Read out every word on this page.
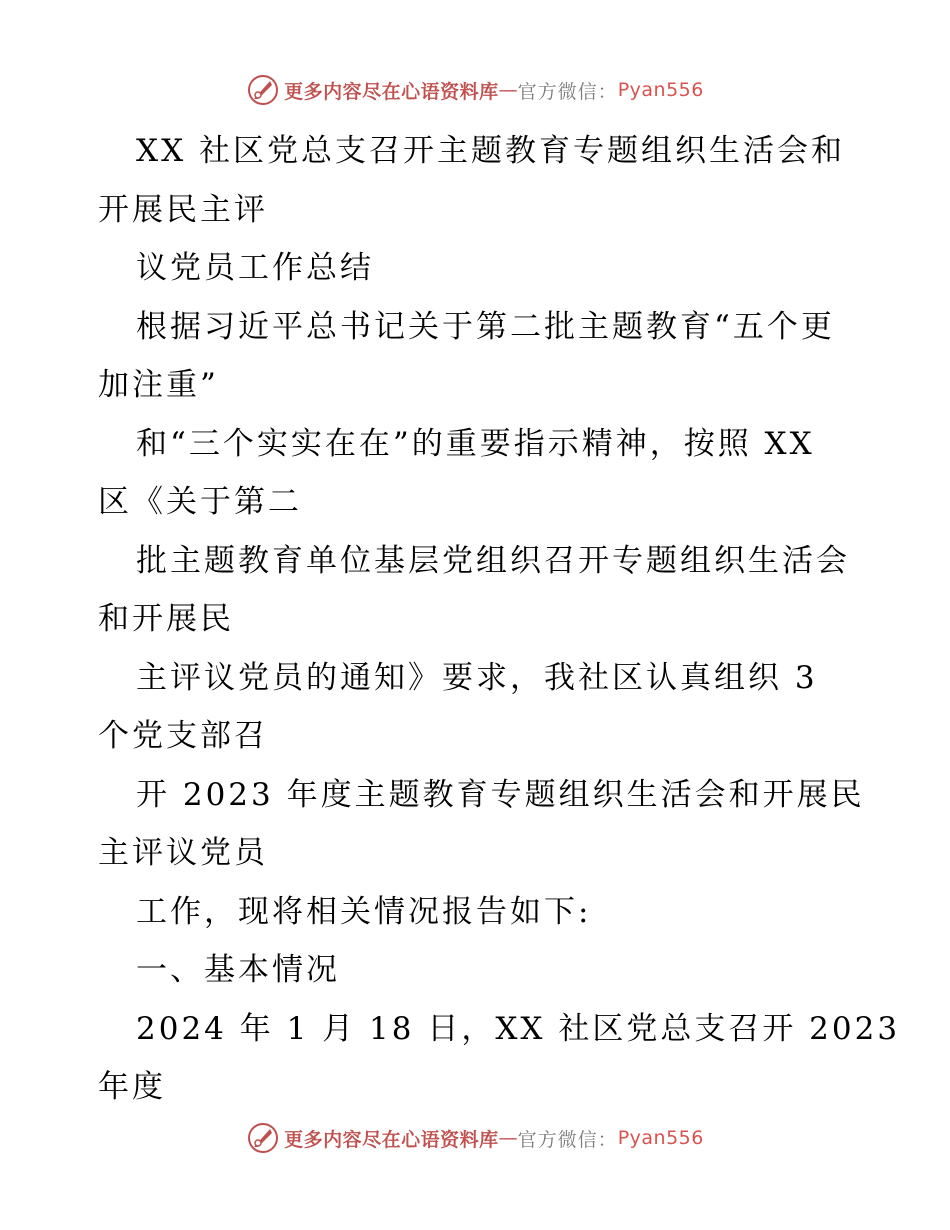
更多内容尽在心语资料库 — 官方微信： Pyan556
XX 社区党总支召开主题教育专题组织生活会和
开展民主评
议党员工作总结
根据习近平总书记关于第二批主题教育“五个更
加注重”
和“三个实实在在”的重要指示精神，按照 XX
区《关于第二
批主题教育单位基层党组织召开专题组织生活会
和开展民
主评议党员的通知》要求，我社区认真组织 3
个党支部召
开 2023 年度主题教育专题组织生活会和开展民
主评议党员
工作，现将相关情况报告如下:
一、基本情况
2024 年 1 月 18 日，XX 社区党总支召开 2023
年度
更多内容尽在心语资料库 — 官方微信： Pyan556
